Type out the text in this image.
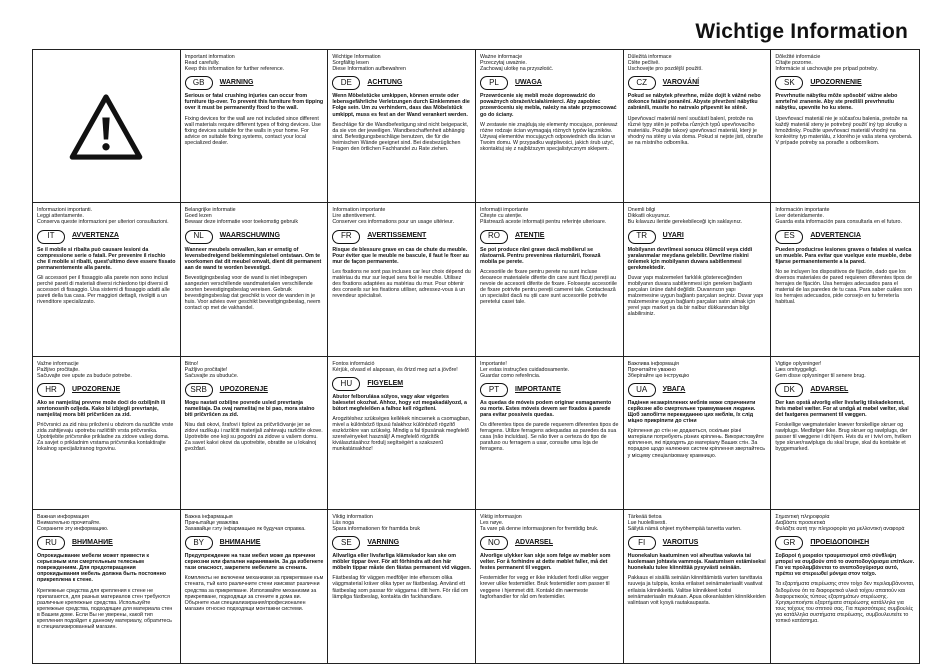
Wichtige Information
Important information
Read carefully.
Keep this information for further reference.
GB	WARNING

Serious or fatal crushing injuries can occur from furniture tip-over. To prevent this furniture from tipping over it must be permanently fixed to the wall.

Fixing devices for the wall are not included since different wall materials require different types of fixing devices. Use fixing devices suitable for the walls in your home. For advice on suitable fixing systems, contact your local specialized dealer.

Wichtige Information
Sorgfältig lesen
Diese Information aufbewahren
DE	ACHTUNG

Wenn Möbelstücke umkippen, können ernste oder lebensgefährliche Verletzungen durch Einklemmen die Folge sein. Um zu verhindern, dass das Möbelstück umkippt, muss es fest an der Wand verankert werden.

Beschläge für die Wandbefestigung sind nicht beigepackt, da sie von der jeweiligen. Wandbeschaffenheit abhängig sind. Befestigungsbeschläge benutzen, die für die heimischen Wände geeignet sind. Bei diesbezüglichen Fragen den örtlichen Fachhandel zu Rate ziehen.

Ważne informacje
Przeczytaj uważnie.
Zachowaj ulotkę na przyszłość.
PL	UWAGA

Przewrócenie się mebli może doprowadzić do poważnych obrażeń/ciała/śmierci. Aby zapobiec przewróceniu się mebla, należy na stałe przymocować go do ściany.

W zestawie nie znajdują się elementy mocujące, ponieważ różne rodzaje ścian wymagają różnych typów łączników. Używaj elementów mocujących odpowiednich dla ścian w Twoim domu. W przypadku wątpliwości, jakich śrub użyć, skontaktuj się z najbliższym specjalistycznym sklepem.

Důležitá informace
Čtěte pečlivě.
Uschovejte pro pozdější použití.
CZ	VAROVÁNÍ

Pokud se nábytek převrhne, může dojít k vážné nebo dokonce fatální poranění. Abyste převržení nábytku zabránili, musíte ho natrvalo připevnit ke stěně.

Upevňovací materiál není součástí balení, protože na různé typy stěn je potřeba různých typů upevňovacího materiálu. Použijte takový upevňovací materiál, který je vhodný na stěny u vás doma. Pokud si nejste jisti, obraťte se na místního odborníka.

Dôležité informácie
Čítajte pozorne.
Informácie si uschovajte pre prípad potreby.
SK	UPOZORNENIE

Prevrhnutie nábytku môže spôsobiť vážne alebo smrteľné zranenie. Aby ste predišli prevrhnutiu nábytku, upevnite ho ku stene.

Upevňovací materiál nie je súčasťou balenia, pretože na každý materiál steny je potrebný použiť iný typ skrutky a hmoždinky. Použite upevňovací materiál vhodný na konkrétny typ materiálu, z ktorého je vaša stena vyrobená. V prípade potreby sa poraďte s odborníkom.

Informazioni importanti.
Leggi attentamente.
Conserva queste informazioni per ulteriori consultazioni.
IT	AVVERTENZA

Se il mobile si ribalta può causare lesioni da compressione serie o fatali. Per prevenire il rischio che il mobile si ribalti, quest'ultimo deve essere fissato permanentemente alla parete.

Gli accessori per il fissaggio alla parete non sono inclusi perché pareti di materiali diversi richiedono tipi diversi di accessori di fissaggio. Usa sistemi di fissaggio adatti alle pareti della tua casa. Per maggiori dettagli, rivolgiti a un rivenditore specializzato.

Belangrijke informatie
Goed lezen
Bewaar deze informatie voor toekomstig gebruik
NL	WAARSCHUWING

Wanneer meubels omvallen, kan er ernstig of levensbedreigend beklemmingsletsel ontstaan. Om te voorkomen dat dit meubel omvalt, dient dit permanent aan de wand te worden bevestigd.

Bevestigingsbeslag voor de wand is niet inbegrepen aangezien verschillende wandmaterialen verschillende soorten bevestigingsbeslag vereisen. Gebruik bevestigingsbeslag dat geschikt is voor de wanden in je huis. Voor advies over geschikt bevestigingsbeslag, neem contact op met de vakhandel.

Information importante
Lire attentivement.
Conserver ces informations pour un usage ultérieur.
FR	AVERTISSEMENT

Risque de blessure grave en cas de chute du meuble. Pour éviter que le meuble ne bascule, il faut le fixer au mur de façon permanente.

Les fixations ne sont pas incluses car leur choix dépend du matériau du mur sur lequel sera fixé le meuble. Utilisez des fixations adaptées au matériau du mur. Pour obtenir des conseils sur les fixations utiliser, adressez-vous à un revendeur spécialisé.

Informații importante
Citește cu atenție.
Păstrează aceste informații pentru referințe ulterioare.
RO	ATENȚIE

Se pot produce răni grave dacă mobilierul se răstoarnă. Pentru prevenirea răsturnării, fixează mobila pe perete.

Accesoriile de fixare pentru perete nu sunt incluse deoarece materialele diferite din care sunt făcuți pereții au nevoie de accesorii diferite de fixare. Folosește accesoriile de fixare potrivite pentru pereții camerei tale. Contactează un specialist dacă nu știi care sunt accesoriile potrivite peretelui casei tale.

Önemli bilgi
Dikkatli okuyunuz.
Bu kılavuzu ileride gerekebileceği için saklayınız.
TR	UYARI

Mobilyanın devrilmesi sonucu ölümcül veya ciddi yaralanmalar meydana gelebilir. Devrilme riskini önlemek için mobilyanın duvara sabitlenmesi gerekmektedir.

Duvar yapı malzemeleri farklılık göstereceğinden mobilyanın duvara sabitlenmesi için gereken bağlantı parçaları ürüne dahil değildir. Duvarınızın yapı malzemesine uygun bağlantı parçaları seçiniz. Duvar yapı malzemesine uygun bağlantı parçaları satın almak için yerel yapı market ya da bir nalbur dükkanından bilgi alabilirsiniz.

Información importante
Leer detenidamente.
Guarda esta información para consultarla en el futuro.
ES	ADVERTENCIA

Pueden producirse lesiones graves o fatales si vuelca un mueble. Para evitar que vuelque este mueble, debe fijarse permanentemente a la pared.

No se incluyen los dispositivos de fijación, dado que los diversos materiales de pared requieren diferentes tipos de herrajes de fijación. Usa herrajes adecuados para el material de las paredes de tu casa. Para saber cuáles son los herrajes adecuados, pide consejo en tu ferretería habitual.

Važne informacije
Pažljivo pročitajte.
Sačuvajte ove upute za buduće potrebe.
HR	UPOZORENJE

Ako se namještaj prevrne može doći do ozbiljnih ili smrtonosnih ozljeda. Kako bi izbjegli prevrtanje, namještaj mora biti pričvršćen za zid.

Pričvrsnici za zid nisu priloženi u obzirom da različite vrste zida zahtijevaju upotrebu različitih vrsta pričvrsnika. Upotrijebite pričvrsnike prikladne za zidove vašeg doma. Za savjet o prikladnim vrstama pričvrsnika kontaktirajte lokalnog specijaliziranog trgovinu.

Bitno!
Pažljivo pročitajte!
Sačuvajte za ubuduće.
SRB	UPOZORENJE

Mogu nastati ozbiljne povrede usled prevrtanja nameštaja. Da ovaj nameštaj ne bi pao, mora stalno biti pričvršćen za zid.

Nisu dati okovi, šrafovi i tiplovi za pričvršćivanje jer se zidovi razlikuju i različiti materijali zahtevaju različite okove. Upotrebite one koji su pogodni za zidove u vašem domu. Za savet kakvi okovi da upotrebite, obratite se u lokalnoj gvožđari.

Fontos információ
Kérjük, olvasd el alaposan, és őrizd meg azt a jövőre!
HU	FIGYELEM

Abutor felborulása súlyos, vagy akar végzetes balesetet okozhat. Ahhoz, hogy ezt megakadályozd, a bútort megfelelően a falhoz kell rögzíteni.

Arogzitéshez szükséges kellékek nincsenek a csomagban, mivel a különböző típusú falakhoz különböző rögzítő eszközökre van szükség. Mindig a fal típusának megfelelő szerelvényeket használj! A megfelelő rögzítők kiválasztásához fordulj segítségért a szakszerű munkatársakhoz!

Importante!
Ler estas instruções cuidadosamente.
Guardar como referência.
PT	IMPORTANTE

As quedas de móveis podem originar esmagamento ou morte. Estes móveis devem ser fixados à parede para evitar possíveis quedas.

Os diferentes tipos de parede requerem diferentes tipos de ferragens. Utilize ferragens adequadas as paredes da sua casa (não incluídas). Se não tiver a certeza do tipo de parafuso ou ferragem a usar, consulte uma loja de ferragens.

Важлива інформація
Прочитайте уважно
Зберігайте цю інструкцію
UA	УВАГА

Падіння незакріплених меблів може спричинити серйозне або смертельне травмування людини. Щоб запобігти перекиданню цих меблів, їх слід міцно прикріпити до стіни

Кріплення до стін не додаються, оскільки різні матеріали потребують різних кріплень. Використовуйте кріплення, які підходять до матеріалу Ваших стін. За порадою щодо належних систем кріплення звертайтесь у місцеву спеціалізовану крамницю.

Vigtige oplysninger!
Læs omhyggeligt.
Gem disse oplysninger til senere brug.
DK	ADVARSEL

Der kan opstå alvorlig eller livsfarlig tilskadekomst, hvis møbel vælter. For at undgå at møbel vælter, skal det fastgøres permanent til væggen.

Forskellige vægmaterialer kræver forskellige skruer og rawlplugs. Medfølger ikke. Brug skruer og rawlplugs, der passer til væggene i dit hjem. Hvis du er i tvivl om, hvilken type skruer/rawlplugs du skal bruge, skal du kontakte et byggemarked.

Важная информация
Внимательно прочитайте.
Сохраните эту информацию.
RU	ВНИМАНИЕ

Опрокидывание мебели может привести к серьезным или смертельным телесным повреждениям. Для предотвращения опрокидывания мебель должна быть постоянно прикреплена к стене.

Крепежные средства для крепления к стене не прилагаются, для разных материалов стен требуются различные крепежные средства. Используйте крепежные средства, подходящие для материала стен в Вашем доме. Если Вы не уверены, какой тип крепления подойдет к данному материалу, обратитесь в специализированный магазин.

Важна інфармацыя
Прачытайце уважліва
Захавайце гэту інфармацыю як будучая справка.
BY	ВНИМАНИЕ

Предупреждение на тази мебел може да причини сериозни или фатални нараняванія. За да избегнете тази опасност, закрепете мебелите за стената.

Комплекты не включени механизми за прикрепване към стената, тъй като различните стени изискват различни средства за прикрепване. Използвайте механизми за прикрепване, подходящи за стените в дома ви. Обърнете към специализирания/професионален магазин относно подходящи монтажни системи.

Viktig information
Läs noga
Spara informationen för framtida bruk
SE	VARNING

Allvarliga eller livsfarliga klämskador kan ske om möbler tippar över. För att förhindra att den här möbeln tippar måste den fästas permanent vid väggen.

Fästbeslag för väggen medföljer inte eftersom olika väggmaterial kräver olika typer av fästbeslag. Använd ett fästbeslag som passar för väggarna i ditt hem. För råd om lämpliga fästbeslag, kontakta din fackhandlare.

Viktig informasjon
Les nøye.
Ta vare på denne informasjonen for fremtidig bruk.
NO	ADVARSEL

Alvorlige ulykker kan skje som følge av møbler som velter. For å forhindre at dette møblet faller, må det festes permanent til veggen.

Festemidler for vegg er ikke inkludert fordi ulike vegger krever ulike festemidler. Bruk festemidler som passer til veggene i hjemmet ditt. Kontakt din nærmeste fagforhandler for råd om festemidler.

Tärkeää tietoa
Lue huolellisesti.
Säilytä nämä ohjeet myöhempää tarvetta varten.
FI	VAROITUS

Huonekalun kaatuminen voi aiheuttaa vakavia tai kuolemaan johtavia vammoja. Kaatumisen estämiseksi huonekalu tulee kiinnittää pysyvästi seinään.

Pakkaus ei sisällä seinään kiinnittämistä varten tarvittavia ruuveja ja tulppia, koska erilaiset seinämateriaalit vaativat erilaisia kiinnikkeitä. Valitse kiinnikkeet kotisi seinämateriaalin mukaan. Apua oikeanlaisten kiinnikkeiden valintaan voit kysyä rautakaupasta.

Σημαντική πληροφορία
Διαβάστε προσεκτικά
Φυλάξτε αυτή την πληροφορία για μελλοντική αναφορά
GR	ΠΡΟΕΙΔΟΠΟΙΗΣΗ

Σοβαροί ή μοιραίοι τραυματισμοί από σύνθλιψη μπορεί να συμβούν από το αναποδογύρισμα επίπλων. Για να προλαμβάνεται το αναποδογύρισμα αυτό, πρέπει να στερεωθεί μόνιμα στον τοίχο.

Τα εξαρτήματα στερέωσης στον τοίχο δεν περιλαμβάνονται, δεδομένου ότι τα διαφορετικά υλικά τοίχου απαιτούν και διαφορετικούς τύπους εξαρτημάτων στερέωσης. Χρησιμοποιήστε εξαρτήματα στερέωσης κατάλληλα για τους τοίχους του σπιτιού σας. Για περισσότερες συμβουλές για κατάλληλα συστήματα στερέωσης, συμβουλευτείτε το τοπικό κατάστημα.
